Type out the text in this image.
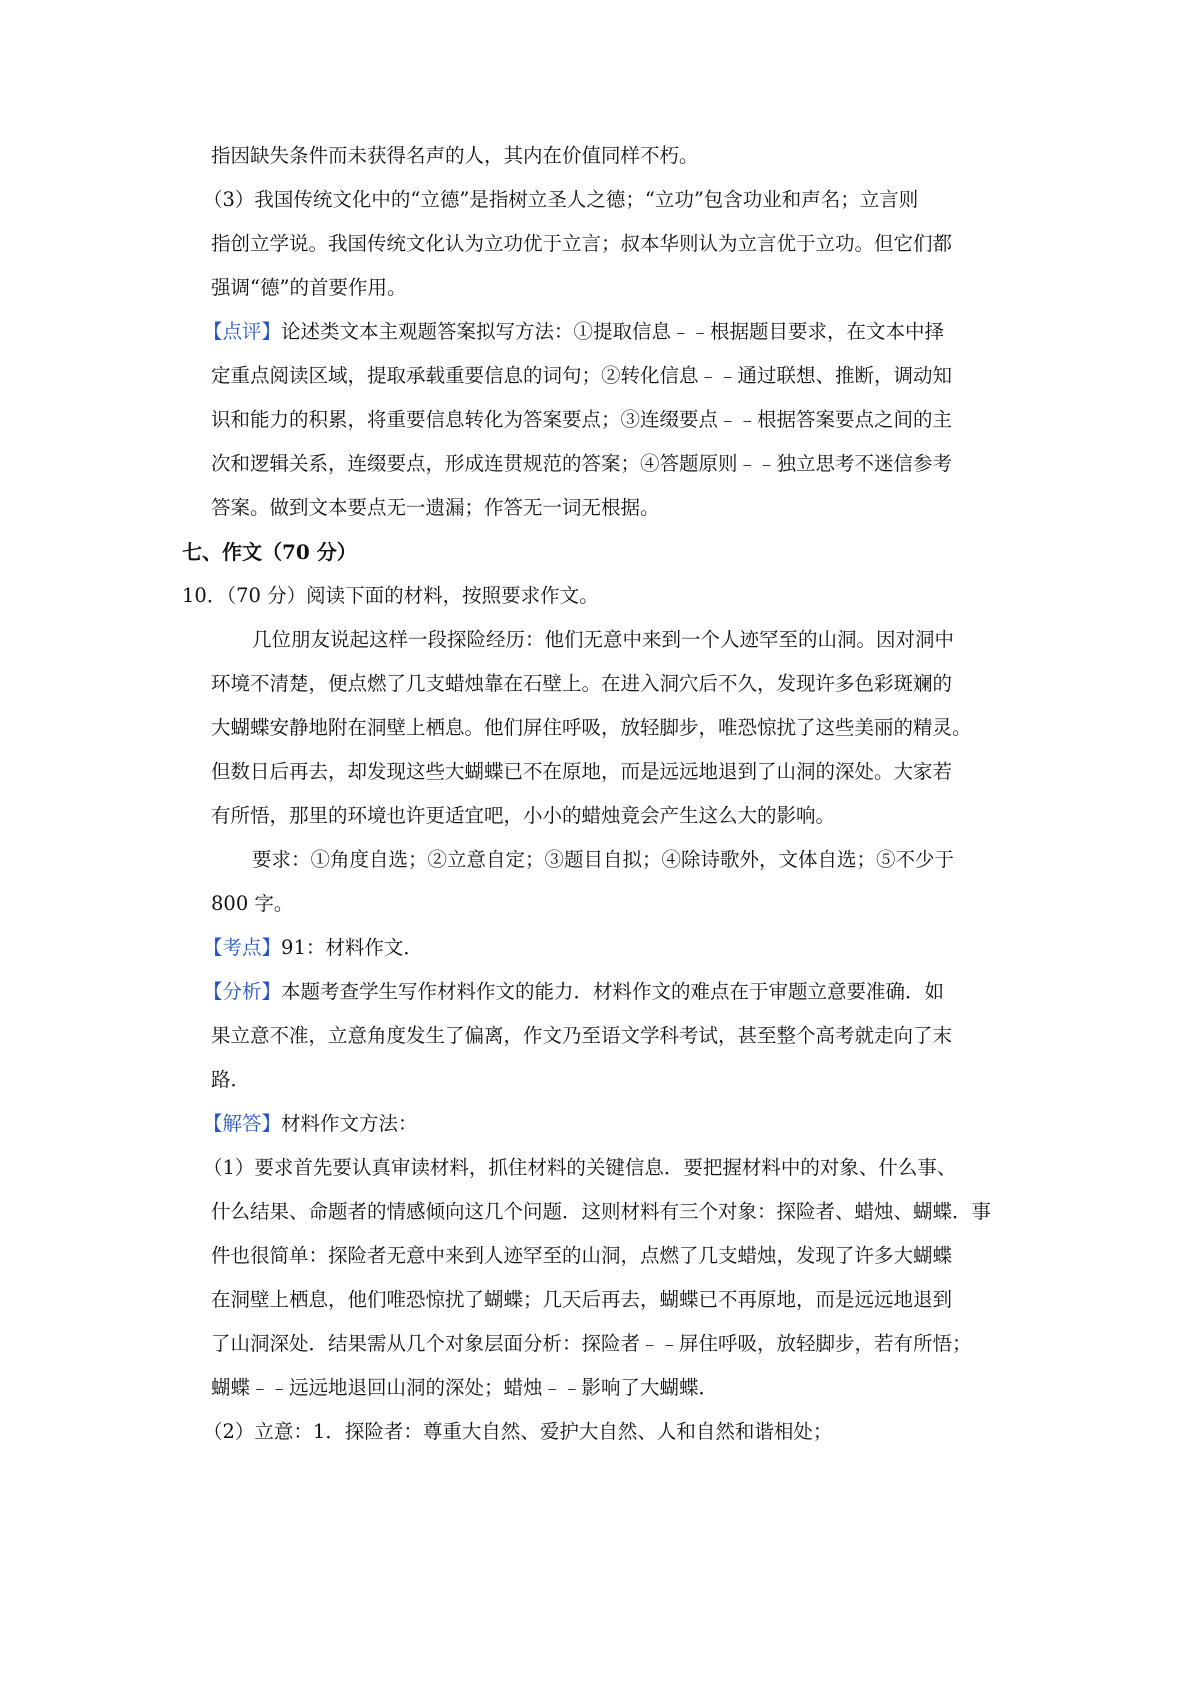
指因缺失条件而未获得名声的人，其内在价值同样不朽。
（3）我国传统文化中的“立德”是指树立圣人之德；“立功”包含功业和声名；立言则
指创立学说。我国传统文化认为立功优于立言；叔本华则认为立言优于立功。但它们都
强调“德”的首要作用。
【点评】论述类文本主观题答案拟写方法：①提取信息﹣﹣根据题目要求，在文本中择
定重点阅读区域，提取承载重要信息的词句；②转化信息﹣﹣通过联想、推断，调动知
识和能力的积累，将重要信息转化为答案要点；③连缀要点﹣﹣根据答案要点之间的主
次和逻辑关系，连缀要点，形成连贯规范的答案；④答题原则﹣﹣独立思考不迷信参考
答案。做到文本要点无一遗漏；作答无一词无根据。
七、作文（70 分）
10．（70 分）阅读下面的材料，按照要求作文。
几位朋友说起这样一段探险经历：他们无意中来到一个人迹罕至的山洞。因对洞中
环境不清楚，便点燃了几支蜡烛靠在石壁上。在进入洞穴后不久，发现许多色彩斑斓的
大蝴蝶安静地附在洞壁上栖息。他们屏住呼吸，放轻脚步，唯恐惊扰了这些美丽的精灵。
但数日后再去，却发现这些大蝴蝶已不在原地，而是远远地退到了山洞的深处。大家若
有所悟，那里的环境也许更适宜吧，小小的蜡烛竟会产生这么大的影响。
要求：①角度自选；②立意自定；③题目自拟；④除诗歌外，文体自选；⑤不少于
800 字。
【考点】91：材料作文．
【分析】本题考查学生写作材料作文的能力．材料作文的难点在于审题立意要准确．如
果立意不准，立意角度发生了偏离，作文乃至语文学科考试，甚至整个高考就走向了末
路．
【解答】材料作文方法：
（1）要求首先要认真审读材料，抓住材料的关键信息．要把握材料中的对象、什么事、
什么结果、命题者的情感倾向这几个问题．这则材料有三个对象：探险者、蜡烛、蝴蝶．事
件也很简单：探险者无意中来到人迹罕至的山洞，点燃了几支蜡烛，发现了许多大蝴蝶
在洞壁上栖息，他们唯恐惊扰了蝴蝶；几天后再去，蝴蝶已不再原地，而是远远地退到
了山洞深处．结果需从几个对象层面分析：探险者﹣﹣屏住呼吸，放轻脚步，若有所悟；
蝴蝶﹣﹣远远地退回山洞的深处；蜡烛﹣﹣影响了大蝴蝶．
（2）立意：1．探险者：尊重大自然、爱护大自然、人和自然和谐相处；
